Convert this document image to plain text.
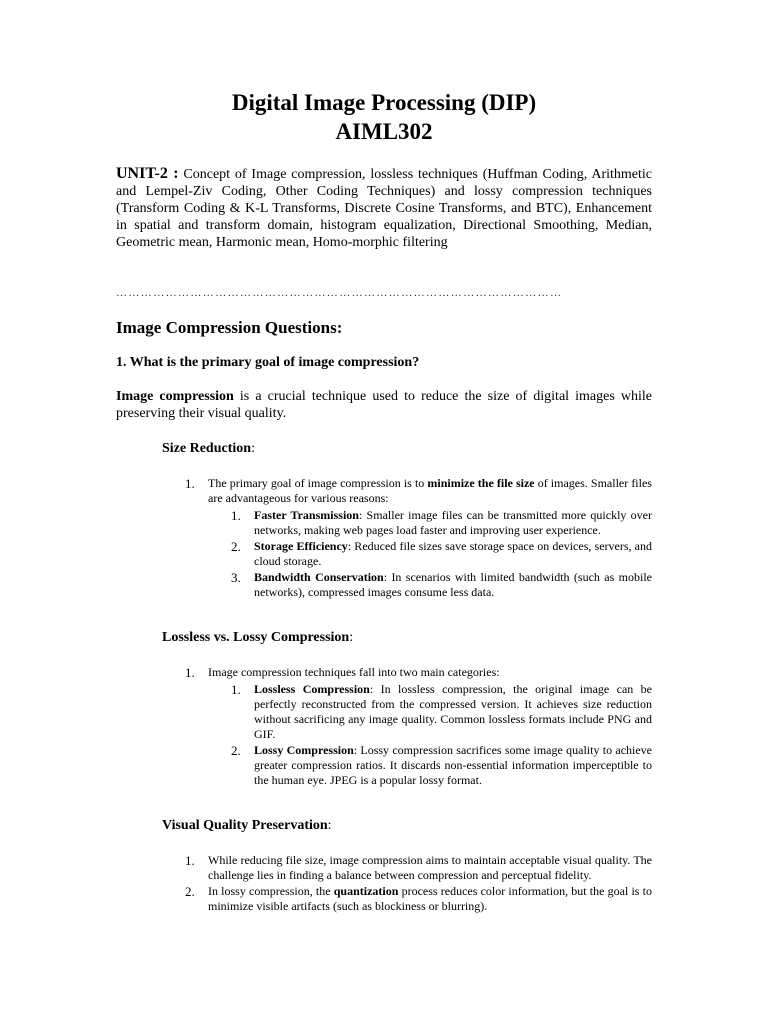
Digital Image Processing (DIP)
AIML302
UNIT-2 : Concept of Image compression, lossless techniques (Huffman Coding, Arithmetic and Lempel-Ziv Coding, Other Coding Techniques) and lossy compression techniques (Transform Coding & K-L Transforms, Discrete Cosine Transforms, and BTC), Enhancement in spatial and transform domain, histogram equalization, Directional Smoothing, Median, Geometric mean, Harmonic mean, Homo-morphic filtering
………………………………………………………………………………………………
Image Compression Questions:
1. What is the primary goal of image compression?
Image compression is a crucial technique used to reduce the size of digital images while preserving their visual quality.
Size Reduction:
1. The primary goal of image compression is to minimize the file size of images. Smaller files are advantageous for various reasons:
1. Faster Transmission: Smaller image files can be transmitted more quickly over networks, making web pages load faster and improving user experience.
2. Storage Efficiency: Reduced file sizes save storage space on devices, servers, and cloud storage.
3. Bandwidth Conservation: In scenarios with limited bandwidth (such as mobile networks), compressed images consume less data.
Lossless vs. Lossy Compression:
1. Image compression techniques fall into two main categories:
1. Lossless Compression: In lossless compression, the original image can be perfectly reconstructed from the compressed version. It achieves size reduction without sacrificing any image quality. Common lossless formats include PNG and GIF.
2. Lossy Compression: Lossy compression sacrifices some image quality to achieve greater compression ratios. It discards non-essential information imperceptible to the human eye. JPEG is a popular lossy format.
Visual Quality Preservation:
1. While reducing file size, image compression aims to maintain acceptable visual quality. The challenge lies in finding a balance between compression and perceptual fidelity.
2. In lossy compression, the quantization process reduces color information, but the goal is to minimize visible artifacts (such as blockiness or blurring).
